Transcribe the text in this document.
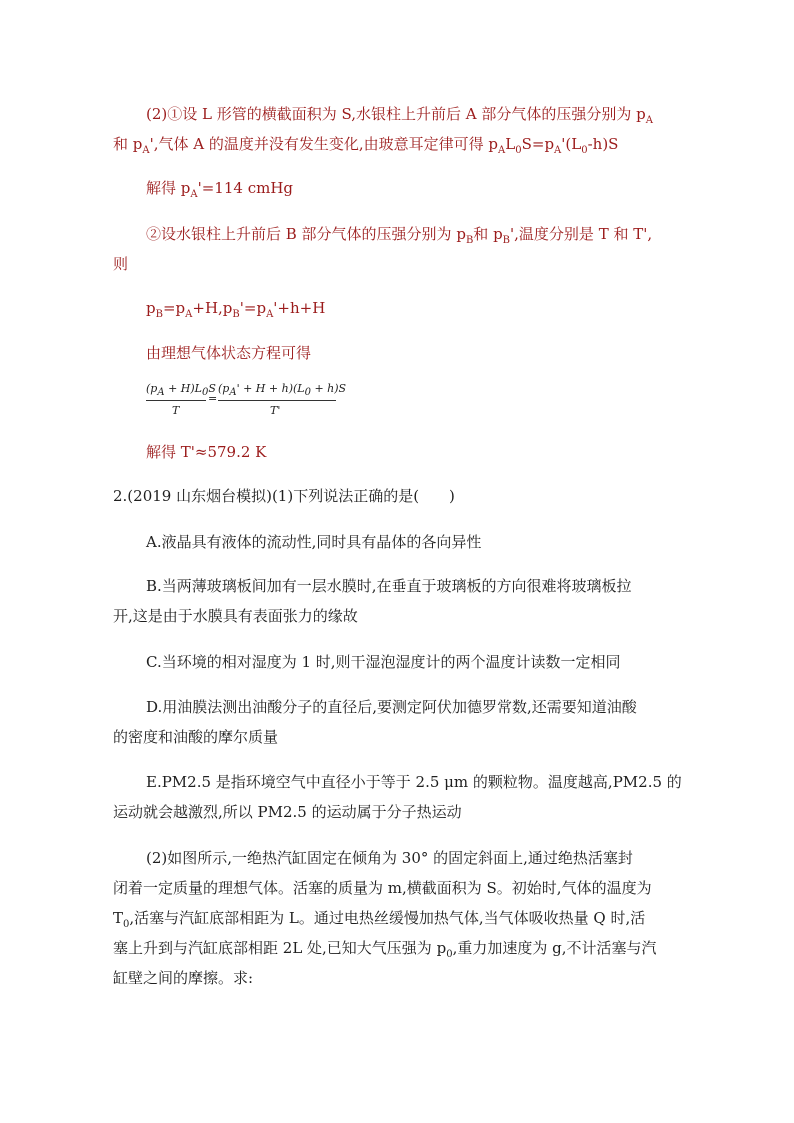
(2)①设 L 形管的横截面积为 S,水银柱上升前后 A 部分气体的压强分别为 $p_A$
和 $p_A'$,气体 A 的温度并没有发生变化,由玻意耳定律可得 $p_AL_0S=p_A'(L_0-h)S$
解得 $p_A'=114$ cmHg
②设水银柱上升前后 B 部分气体的压强分别为 $p_B$和 $p_B'$,温度分别是 T 和 T',
则
$p_B=p_A+H,p_B'=p_A'+h+H$
由理想气体状态方程可得
$(p_A + H)L_0S$
T
=
$(p_A' + H + h)(L_0 + h)S$
T'
解得 T'≈579.2 K
2.(2019 山东烟台模拟)(1)下列说法正确的是(　　)
A.液晶具有液体的流动性,同时具有晶体的各向异性
B.当两薄玻璃板间加有一层水膜时,在垂直于玻璃板的方向很难将玻璃板拉
开,这是由于水膜具有表面张力的缘故
C.当环境的相对湿度为 1 时,则干湿泡湿度计的两个温度计读数一定相同
D.用油膜法测出油酸分子的直径后,要测定阿伏加德罗常数,还需要知道油酸
的密度和油酸的摩尔质量
E.PM2.5 是指环境空气中直径小于等于 2.5 μm 的颗粒物。温度越高,PM2.5 的
运动就会越激烈,所以 PM2.5 的运动属于分子热运动
(2)如图所示,一绝热汽缸固定在倾角为 30° 的固定斜面上,通过绝热活塞封
闭着一定质量的理想气体。活塞的质量为 m,横截面积为 S。初始时,气体的温度为
$T_0$,活塞与汽缸底部相距为 L。通过电热丝缓慢加热气体,当气体吸收热量 Q 时,活
塞上升到与汽缸底部相距 2L 处,已知大气压强为 $p_0$,重力加速度为 g,不计活塞与汽
缸壁之间的摩擦。求:
